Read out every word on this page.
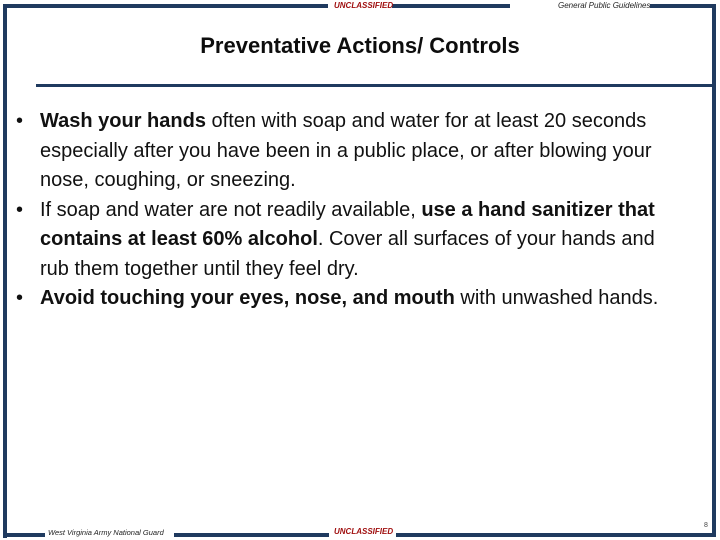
UNCLASSIFIED	General Public Guidelines
Preventative Actions/ Controls
• Wash your hands often with soap and water for at least 20 seconds especially after you have been in a public place, or after blowing your nose, coughing, or sneezing.
• If soap and water are not readily available, use a hand sanitizer that contains at least 60% alcohol. Cover all surfaces of your hands and rub them together until they feel dry.
• Avoid touching your eyes, nose, and mouth with unwashed hands.
West Virginia Army National Guard	UNCLASSIFIED
8
